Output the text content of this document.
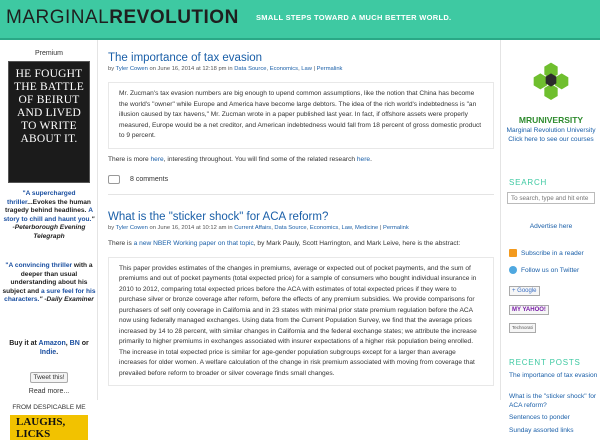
MARGINALREVOLUTION SMALL STEPS TOWARD A MUCH BETTER WORLD.
Premium
HE FOUGHT THE BATTLE OF BEIRUT AND LIVED TO WRITE ABOUT IT.
"A supercharged thriller...Evokes the human tragedy behind headlines. A story to chill and haunt you." -Peterborough Evening Telegraph
"A convincing thriller with a deeper than usual understanding about his subject and a sure feel for his characters." -Daily Examiner
Buy it at Amazon, BN or
Indie.
Tweet this!
Read more...
FROM DESPICABLE ME
LAUGHS, LICKS
The importance of tax evasion
by Tyler Cowen on June 16, 2014 at 12:18 pm in Data Source, Economics, Law | Permalink
Mr. Zucman's tax evasion numbers are big enough to upend common assumptions, like the notion that China has become the world's "owner" while Europe and America have become large debtors. The idea of the rich world's indebtedness is "an illusion caused by tax havens," Mr. Zucman wrote in a paper published last year. In fact, if offshore assets were properly measured, Europe would be a net creditor, and American indebtedness would fall from 18 percent of gross domestic product to 9 percent.
There is more here, interesting throughout. You will find some of the related research here.
8 comments
What is the "sticker shock" for ACA reform?
by Tyler Cowen on June 16, 2014 at 10:12 am in Current Affairs, Data Source, Economics, Law, Medicine | Permalink
There is a new NBER Working paper on that topic, by Mark Pauly, Scott Harrington, and Mark Leive, here is the abstract:
This paper provides estimates of the changes in premiums, average or expected out of pocket payments, and the sum of premiums and out of pocket payments (total expected price) for a sample of consumers who bought individual insurance in 2010 to 2012, comparing total expected prices before the ACA with estimates of total expected prices if they were to purchase silver or bronze coverage after reform, before the effects of any premium subsidies. We provide comparisons for purchasers of self only coverage in California and in 23 states with minimal prior state premium regulation before the ACA now using federally managed exchanges. Using data from the Current Population Survey, we find that the average prices increased by 14 to 28 percent, with similar changes in California and the federal exchange states; we attribute the increase primarily to higher premiums in exchanges associated with insurer expectations of a higher risk population being enrolled. The increase in total expected price is similar for age-gender population subgroups except for a larger than average increases for older women. A welfare calculation of the change in risk premium associated with moving from coverage that prevailed before reform to broader or silver coverage finds small changes.
MRUNIVERSITY
Marginal Revolution University
Click here to see our courses
SEARCH
To search, type and hit ente
Advertise here
Subscribe in a reader
Follow us on Twitter
+ Google
MY YAHOO!
Technorati
RECENT POSTS
The importance of tax evasion
What is the "sticker shock" for ACA reform?
Sentences to ponder
Sunday assorted links
